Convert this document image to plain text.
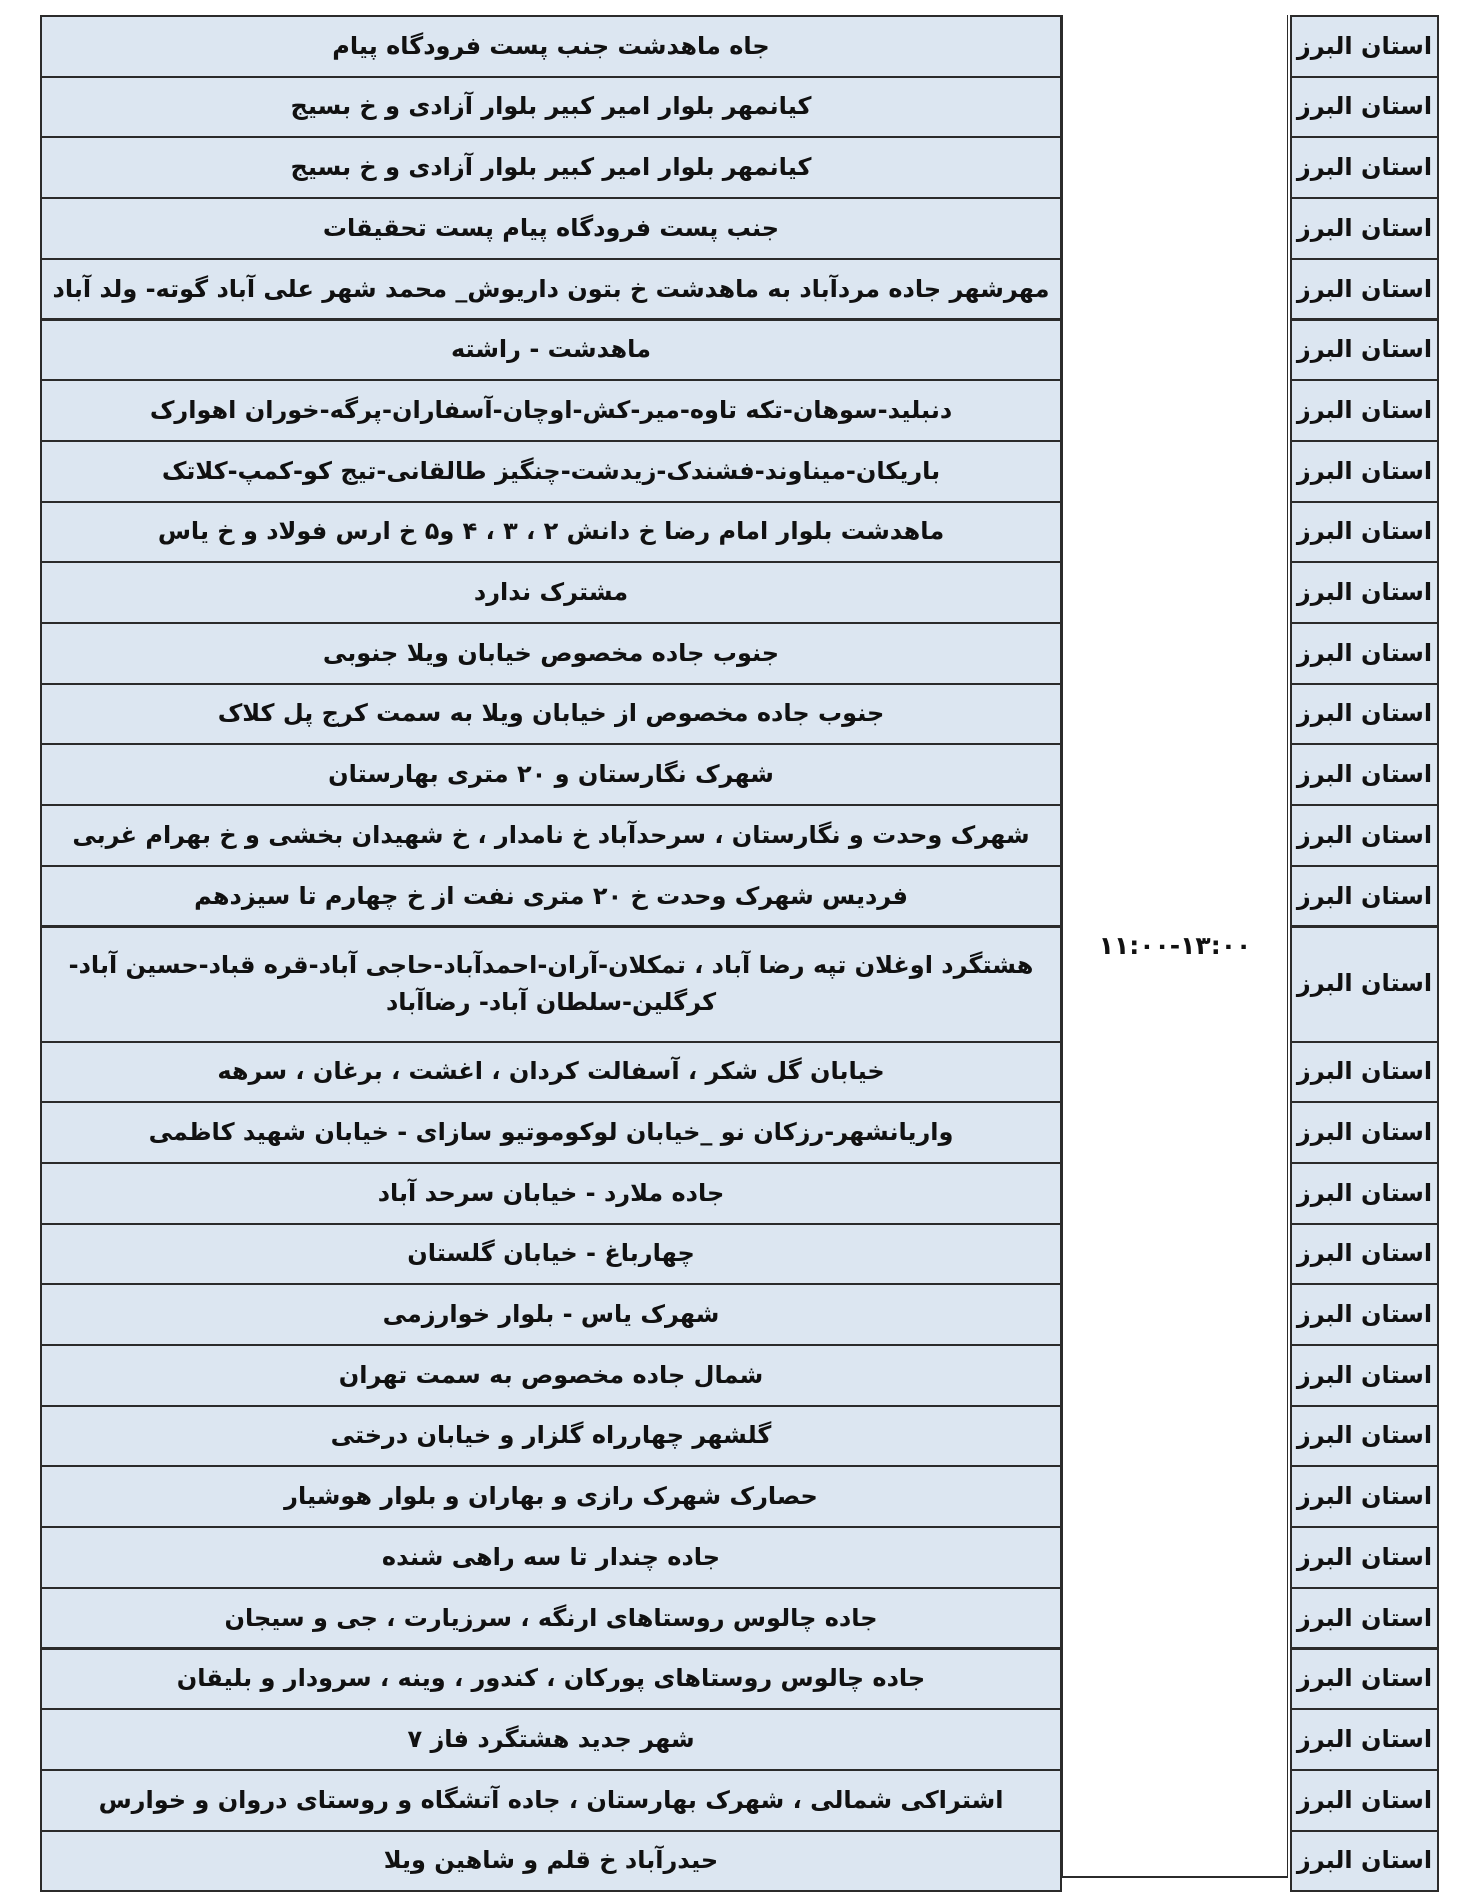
جاه ماهدشت جنب پست فرودگاه پیام
کیانمهر بلوار امیر کبیر بلوار آزادی و خ بسیج
کیانمهر بلوار امیر کبیر بلوار آزادی و خ بسیج
جنب پست فرودگاه پیام پست تحقیقات
مهرشهر جاده مردآباد به ماهدشت خ بتون داریوش_ محمد شهر علی آباد گوته- ولد آباد
ماهدشت - راشته
دنبلید-سوهان-تکه تاوه-میر-کش-اوچان-آسفاران-پرگه-خوران اهوارک
باریکان-میناوند-فشندک-زیدشت-چنگیز طالقانی-تیج کو-کمپ-کلاتک
ماهدشت بلوار امام رضا خ دانش ۲ ، ۳ ، ۴ و۵ خ ارس فولاد و خ یاس
مشترک ندارد
جنوب جاده مخصوص خیابان ویلا جنوبی
جنوب جاده مخصوص از خیابان ویلا به سمت کرج پل کلاک
شهرک نگارستان و ۲۰ متری بهارستان
شهرک وحدت و نگارستان ، سرحدآباد خ نامدار ، خ شهیدان بخشی و خ بهرام غربی
فردیس شهرک وحدت خ ۲۰ متری نفت از خ چهارم تا سیزدهم
هشتگرد اوغلان تپه رضا آباد ، تمکلان-آران-احمدآباد-حاجی آباد-قره قباد-حسین آباد-کرگلین-سلطان آباد- رضاآباد
خیابان گل شکر ، آسفالت کردان ، اغشت ، برغان ، سرهه
واریانشهر-رزکان نو _خیابان لوکوموتیو سازای - خیابان شهید کاظمی
جاده ملارد - خیابان سرحد آباد
چهارباغ - خیابان گلستان
شهرک یاس - بلوار خوارزمی
شمال جاده مخصوص به سمت تهران
گلشهر چهارراه گلزار و خیابان درختی
حصارک شهرک رازی و بهاران و بلوار هوشیار
جاده چندار تا سه راهی شنده
جاده چالوس روستاهای ارنگه ، سرزیارت ، جی و سیجان
جاده چالوس روستاهای پورکان ، کندور ، وینه ، سرودار و بلیقان
شهر جدید هشتگرد فاز ۷
اشتراکی شمالی ، شهرک بهارستان ، جاده آتشگاه و روستای دروان و خوارس
حیدرآباد خ قلم و شاهین ویلا
۱۱:۰۰-۱۳:۰۰
استان البرز
استان البرز
استان البرز
استان البرز
استان البرز
استان البرز
استان البرز
استان البرز
استان البرز
استان البرز
استان البرز
استان البرز
استان البرز
استان البرز
استان البرز
استان البرز
استان البرز
استان البرز
استان البرز
استان البرز
استان البرز
استان البرز
استان البرز
استان البرز
استان البرز
استان البرز
استان البرز
استان البرز
استان البرز
استان البرز
